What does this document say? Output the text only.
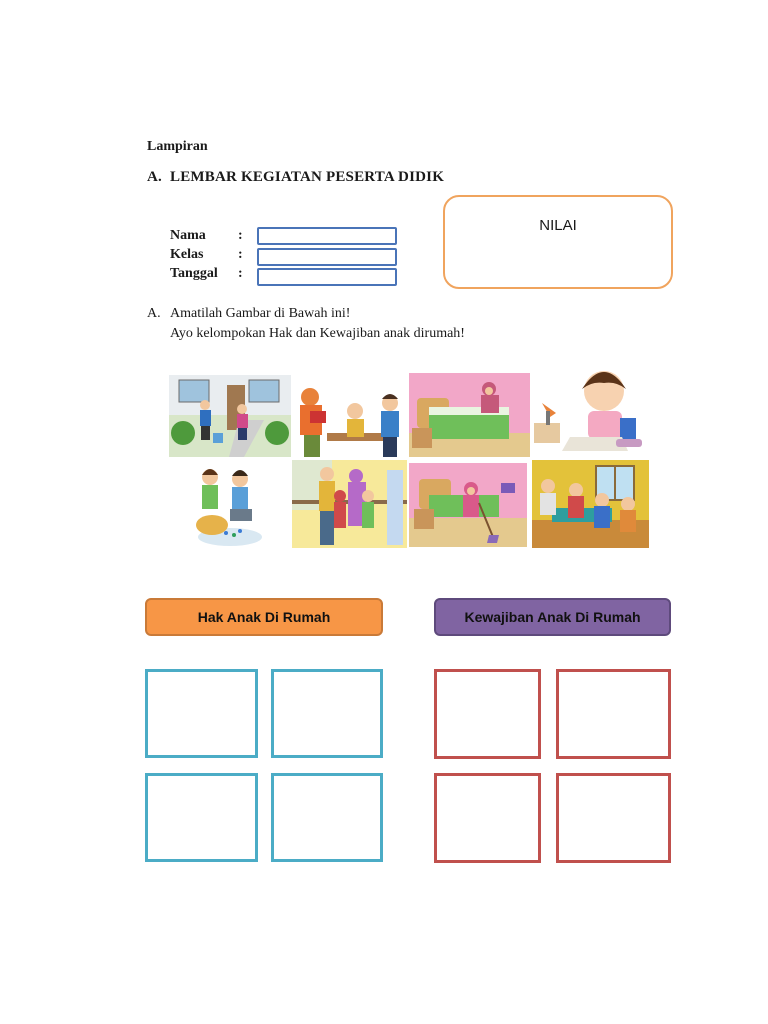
Lampiran
A. LEMBAR KEGIATAN PESERTA DIDIK
Nama :
Kelas :
Tanggal :
NILAI
A. Amatilah Gambar di Bawah ini!
Ayo kelompokan Hak dan Kewajiban anak dirumah!
Hak Anak Di Rumah	Kewajiban Anak Di Rumah
